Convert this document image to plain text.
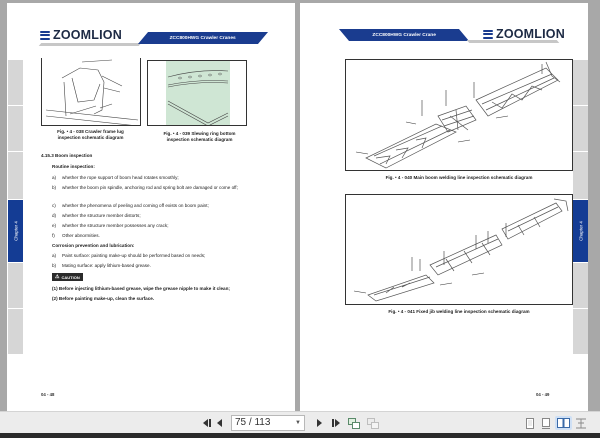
ZOOMLION	ZCC800HWG Crawler Cranes
Chapter 4
Fig. • 4 - 038 Crawler frame lug
inspection schematic diagram
Fig. • 4 - 039 Slewing ring bottom
inspection schematic diagram
4.15.3 Boom inspection
Routine inspection:
a) whether the rope support of boom head rotates smoothly;
b) whether the boom pin spindle, anchoring rod and spring bolt are damaged or come off;
c) whether the phenomena of peeling and coming off exists on boom paint;
d) whether the structure member distorts;
e) whether the structure member possesses any crack;
f) Other abnormities.
Corrosion prevention and lubrication:
a) Paint surface: painting make-up should be performed based on needs;
b) Mating surface: apply lithium-based grease.
⚠ CAUTION
(1) Before injecting lithium-based grease, wipe the grease nipple to make it clean;
(2) Before painting make-up, clean the surface.
04 - 48
ZCC800HWG Crawler Crane	ZOOMLION
Chapter 4
Fig. • 4 - 040 Main boom welding line inspection schematic diagram
Fig. • 4 - 041 Fixed jib welding line inspection schematic diagram
04 - 49
75 / 113	▼
